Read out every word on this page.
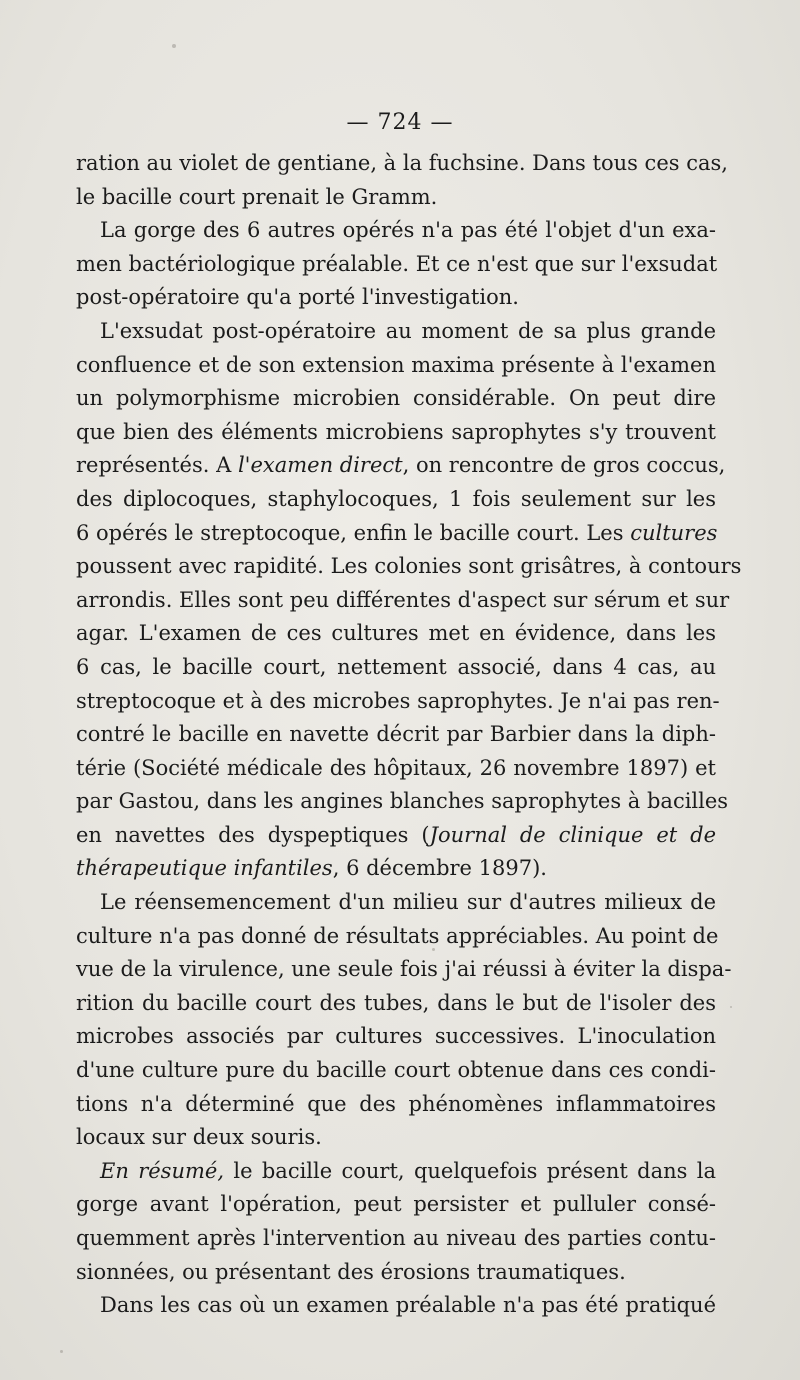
— 724 —
ration au violet de gentiane, à la fuchsine. Dans tous ces cas,
le bacille court prenait le Gramm.
La gorge des 6 autres opérés n'a pas été l'objet d'un exa-
men bactériologique préalable. Et ce n'est que sur l'exsudat
post-opératoire qu'a porté l'investigation.
L'exsudat post-opératoire au moment de sa plus grande
confluence et de son extension maxima présente à l'examen
un polymorphisme microbien considérable. On peut dire
que bien des éléments microbiens saprophytes s'y trouvent
représentés. A l'examen direct, on rencontre de gros coccus,
des diplocoques, staphylocoques, 1 fois seulement sur les
6 opérés le streptocoque, enfin le bacille court. Les cultures
poussent avec rapidité. Les colonies sont grisâtres, à contours
arrondis. Elles sont peu différentes d'aspect sur sérum et sur
agar. L'examen de ces cultures met en évidence, dans les
6 cas, le bacille court, nettement associé, dans 4 cas, au
streptocoque et à des microbes saprophytes. Je n'ai pas ren-
contré le bacille en navette décrit par Barbier dans la diph-
térie (Société médicale des hôpitaux, 26 novembre 1897) et
par Gastou, dans les angines blanches saprophytes à bacilles
en navettes des dyspeptiques (Journal de clinique et de
thérapeutique infantiles, 6 décembre 1897).
Le réensemencement d'un milieu sur d'autres milieux de
culture n'a pas donné de résultats appréciables. Au point de
vue de la virulence, une seule fois j'ai réussi à éviter la dispa-
rition du bacille court des tubes, dans le but de l'isoler des
microbes associés par cultures successives. L'inoculation
d'une culture pure du bacille court obtenue dans ces condi-
tions n'a déterminé que des phénomènes inflammatoires
locaux sur deux souris.
En résumé, le bacille court, quelquefois présent dans la
gorge avant l'opération, peut persister et pulluler consé-
quemment après l'intervention au niveau des parties contu-
sionnées, ou présentant des érosions traumatiques.
Dans les cas où un examen préalable n'a pas été pratiqué
